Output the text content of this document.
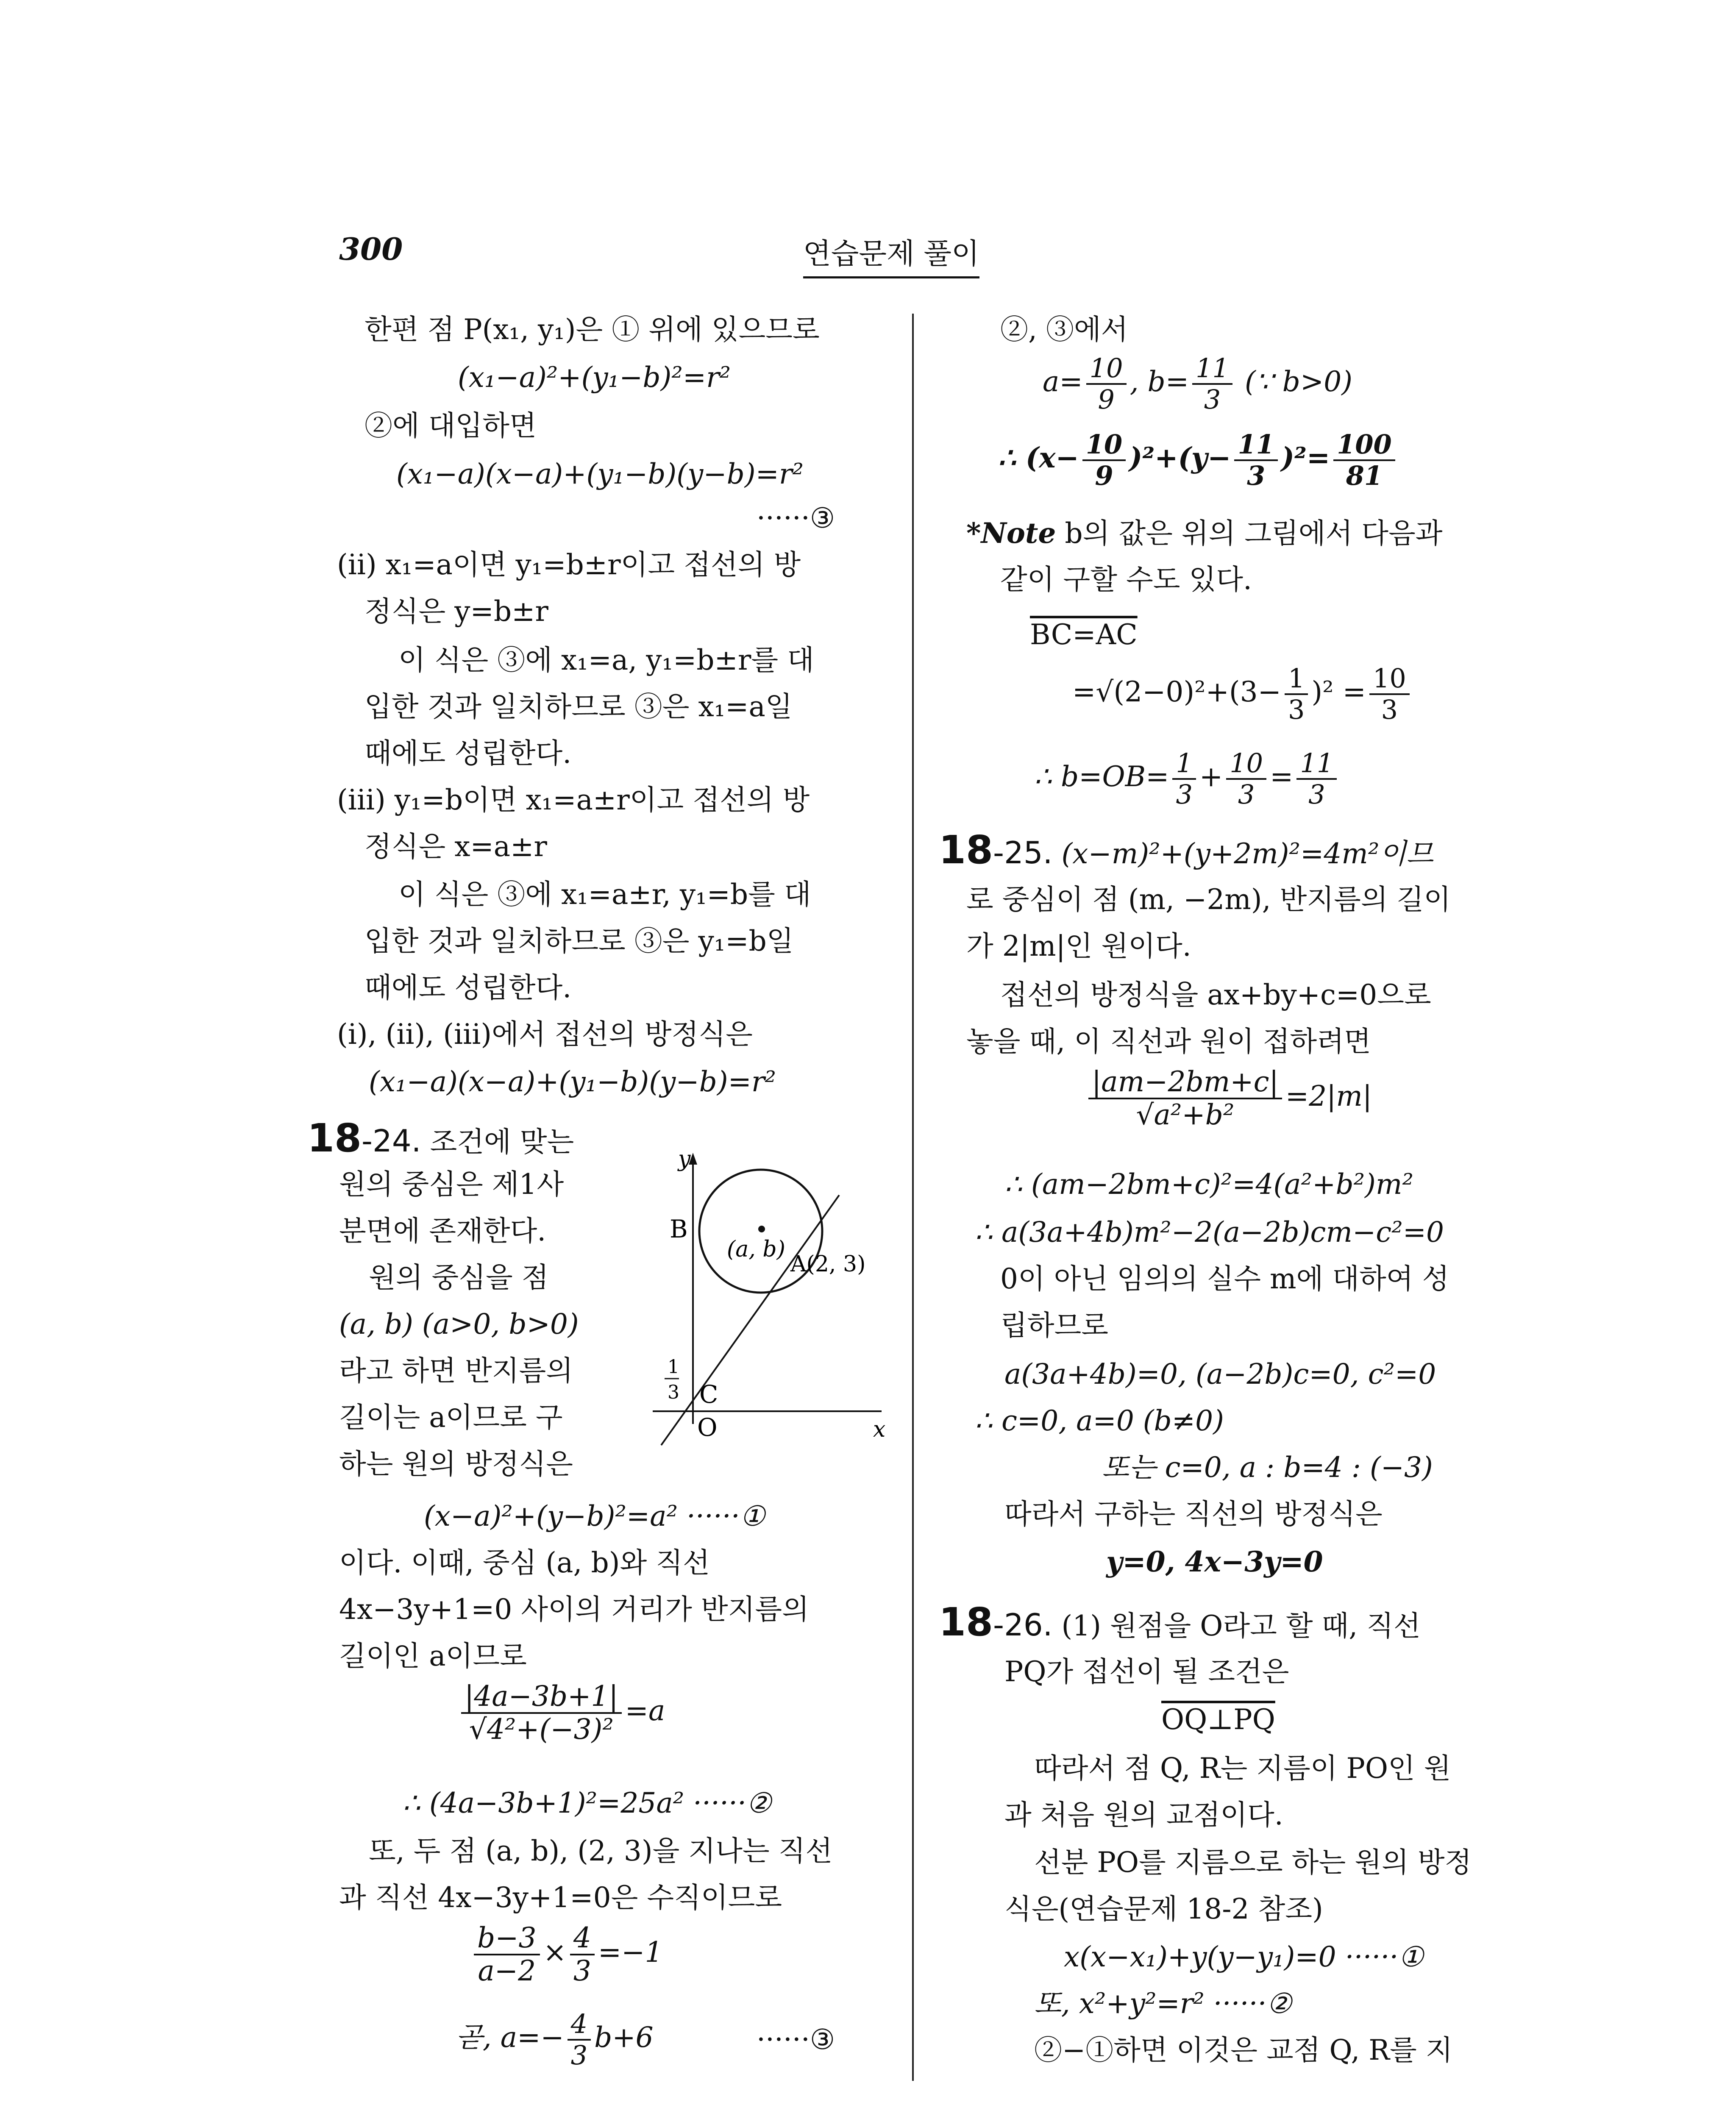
300	연습문제 풀이
한편 점 P(x₁, y₁)은 ① 위에 있으므로
(x₁−a)²+(y₁−b)²=r²
②에 대입하면
(x₁−a)(x−a)+(y₁−b)(y−b)=r²
······③
(ii) x₁=a이면 y₁=b±r이고 접선의 방
정식은 y=b±r
이 식은 ③에 x₁=a, y₁=b±r를 대
입한 것과 일치하므로 ③은 x₁=a일
때에도 성립한다.
(iii) y₁=b이면 x₁=a±r이고 접선의 방
정식은 x=a±r
이 식은 ③에 x₁=a±r, y₁=b를 대
입한 것과 일치하므로 ③은 y₁=b일
때에도 성립한다.
(i), (ii), (iii)에서 접선의 방정식은
(x₁−a)(x−a)+(y₁−b)(y−b)=r²
18-24. 조건에 맞는
원의 중심은 제1사
분면에 존재한다.
원의 중심을 점
(a, b) (a>0, b>0)
라고 하면 반지름의
길이는 a이므로 구
하는 원의 방정식은
(x−a)²+(y−b)²=a² ······①
이다. 이때, 중심 (a, b)와 직선
4x−3y+1=0 사이의 거리가 반지름의
길이인 a이므로
$\frac{|4a-3b+1|}{\text{√4²+(−3)²}} =a$
∴ (4a−3b+1)²=25a² ······②
또, 두 점 (a, b), (2, 3)을 지나는 직선
과 직선 4x−3y+1=0은 수직이므로
$\frac{b-3}{a-2} \times \frac{4}{3} =-1$
곧, $a=- \frac{4}{3} b+6$	······③
y
x
B
(a, b)
A(2, 3)
C
O
1
3
②, ③에서
$a= \frac{10}{9}$ , $b= \frac{11}{3}$ (∵ b>0)
∴ $(x- \frac{10}{9} )^2+(y- \frac{11}{3} )^2= \frac{100}{81}$
*Note b의 값은 위의 그림에서 다음과
같이 구할 수도 있다.
BC=AC
$=√(2-0)^2+(3- \frac{1}{3} )^2 = \frac{10}{3}$
∴ $b=OB= \frac{1}{3} + \frac{10}{3} = \frac{11}{3}$
18-25. (x−m)²+(y+2m)²=4m²이므
로 중심이 점 (m, −2m), 반지름의 길이
가 2|m|인 원이다.
접선의 방정식을 ax+by+c=0으로
놓을 때, 이 직선과 원이 접하려면
$\frac{|am-2bm+c|}{\text{√a²+b²}} =2|m|$
∴ (am−2bm+c)²=4(a²+b²)m²
∴ a(3a+4b)m²−2(a−2b)cm−c²=0
0이 아닌 임의의 실수 m에 대하여 성
립하므로
a(3a+4b)=0, (a−2b)c=0, c²=0
∴ c=0, a=0 (b≠0)
또는 c=0, a : b=4 : (−3)
따라서 구하는 직선의 방정식은
y=0, 4x−3y=0
18-26. (1) 원점을 O라고 할 때, 직선
PQ가 접선이 될 조건은
OQ⊥PQ
따라서 점 Q, R는 지름이 PO인 원
과 처음 원의 교점이다.
선분 PO를 지름으로 하는 원의 방정
식은(연습문제 18-2 참조)
x(x−x₁)+y(y−y₁)=0 ······①
또, x²+y²=r² ······②
②−①하면 이것은 교점 Q, R를 지
